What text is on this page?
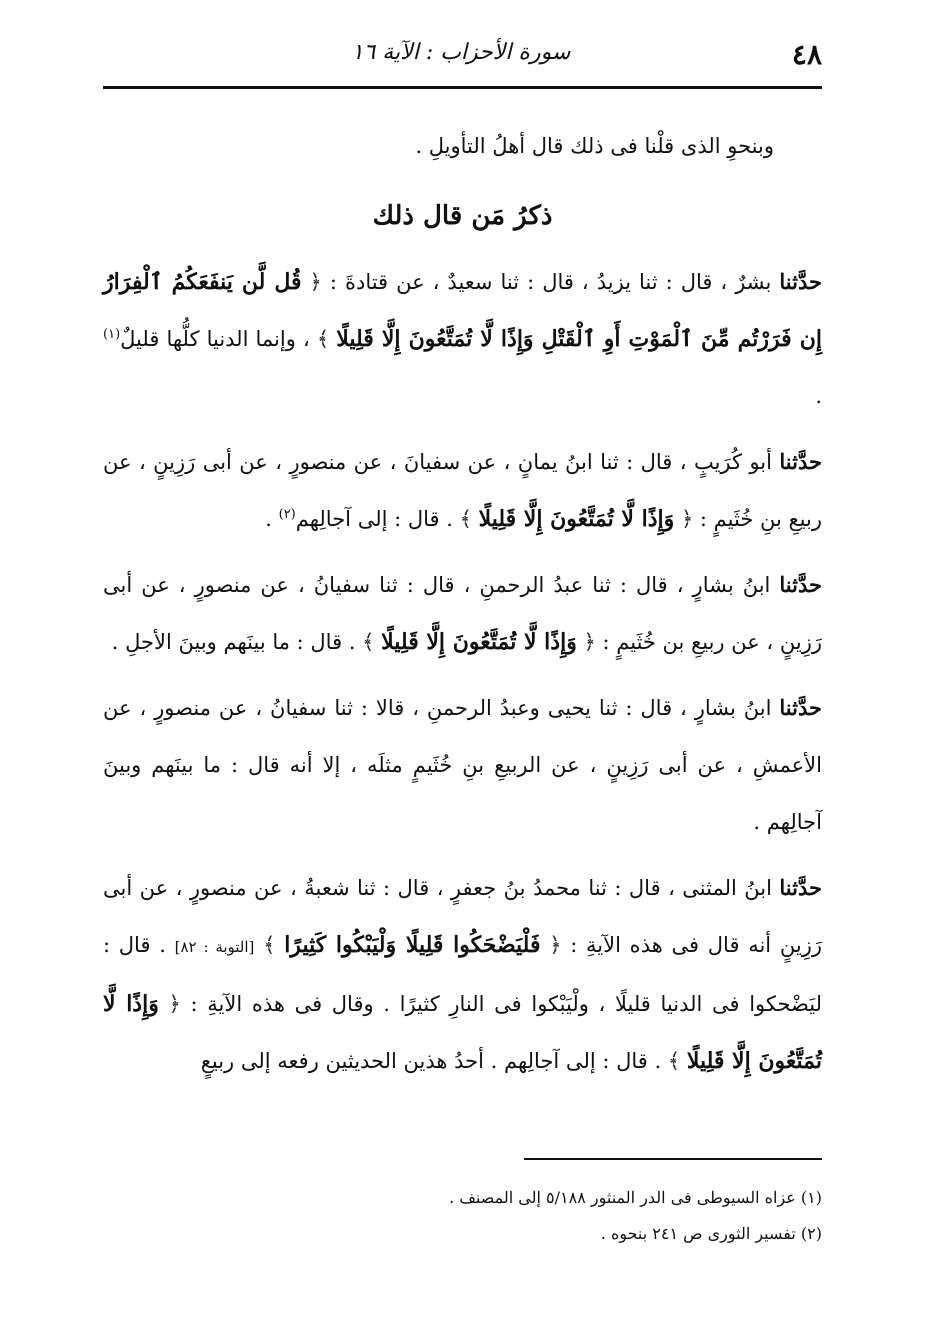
٤٨
سورة الأحزاب : الآية ١٦

وبنحوِ الذى قلْنا فى ذلك قال أهلُ التأويلِ .

ذكرُ مَن قال ذلك

حدَّثنا بشرٌ ، قال : ثنا يزيدُ ، قال : ثنا سعيدٌ ، عن قتادةَ : ﴿ قُل لَّن يَنفَعَكُمُ ٱلْفِرَارُ إِن فَرَرْتُم مِّنَ ٱلْمَوْتِ أَوِ ٱلْقَتْلِ وَإِذًا لَّا تُمَتَّعُونَ إِلَّا قَلِيلًا ﴾ ، وإنما الدنيا كلُّها قليلٌ$^{(١)}$ .

حدَّثنا أبو كُرَيبٍ ، قال : ثنا ابنُ يمانٍ ، عن سفيانَ ، عن منصورٍ ، عن أبى رَزِينٍ ، عن ربيعِ بنِ خُثَيمٍ : ﴿ وَإِذًا لَّا تُمَتَّعُونَ إِلَّا قَلِيلًا ﴾ . قال : إلى آجالِهم$^{(٢)}$ .

حدَّثنا ابنُ بشارٍ ، قال : ثنا عبدُ الرحمنِ ، قال : ثنا سفيانُ ، عن منصورٍ ، عن أبى رَزِينٍ ، عن ربيعِ بن خُثَيمٍ : ﴿ وَإِذًا لَّا تُمَتَّعُونَ إِلَّا قَلِيلًا ﴾ . قال : ما بينَهم وبينَ الأجلِ .

حدَّثنا ابنُ بشارٍ ، قال : ثنا يحيى وعبدُ الرحمنِ ، قالا : ثنا سفيانُ ، عن منصورٍ ، عن الأعمشِ ، عن أبى رَزِينٍ ، عن الربيعِ بنِ خُثَيمٍ مثلَه ، إلا أنه قال : ما بينَهم وبينَ آجالِهم .

حدَّثنا ابنُ المثنى ، قال : ثنا محمدُ بنُ جعفرٍ ، قال : ثنا شعبةُ ، عن منصورٍ ، عن أبى رَزِينٍ أنه قال فى هذه الآيةِ : ﴿ فَلْيَضْحَكُوا قَلِيلًا وَلْيَبْكُوا كَثِيرًا ﴾ [التوبة : ٨٢] . قال : ليَضْحكوا فى الدنيا قليلًا ، ولْيَبْكوا فى النارِ كثيرًا . وقال فى هذه الآيةِ : ﴿ وَإِذًا لَّا تُمَتَّعُونَ إِلَّا قَلِيلًا ﴾ . قال : إلى آجالِهم . أحدُ هذين الحديثين رفعه إلى ربيعٍ

(١) عزاه السيوطى فى الدر المنثور ٥/١٨٨ إلى المصنف .

(٢) تفسير الثورى ص ٢٤١ بنحوه .
